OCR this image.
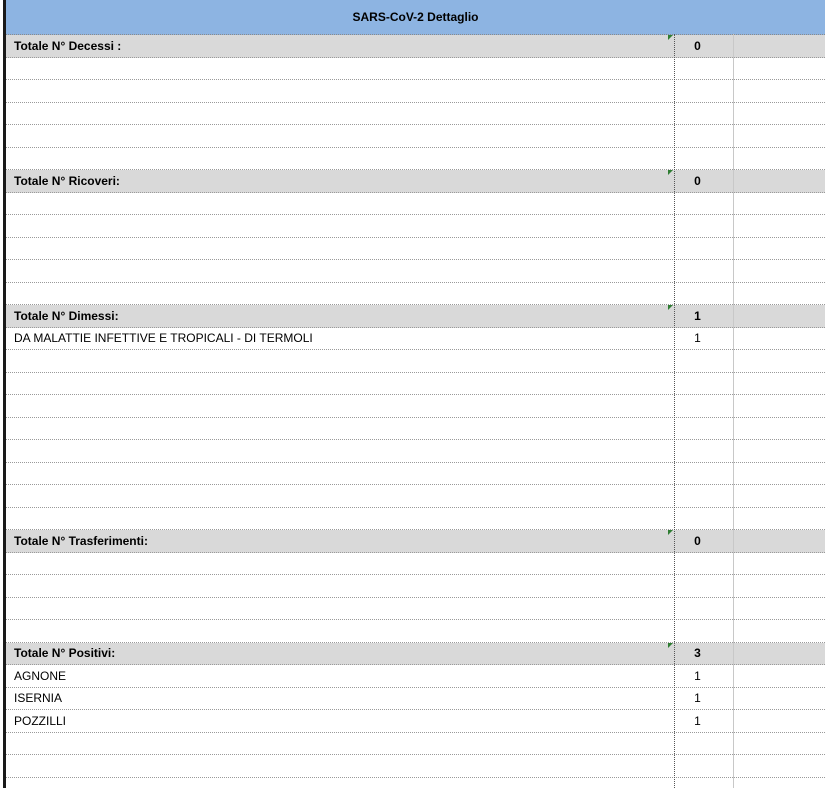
SARS-CoV-2 Dettaglio
Totale N° Decessi :	0
Totale N° Ricoveri:	0
Totale N° Dimessi:	1
DA MALATTIE INFETTIVE E TROPICALI - DI TERMOLI	1
Totale N° Trasferimenti:	0
Totale N° Positivi:	3
AGNONE	1
ISERNIA	1
POZZILLI	1
